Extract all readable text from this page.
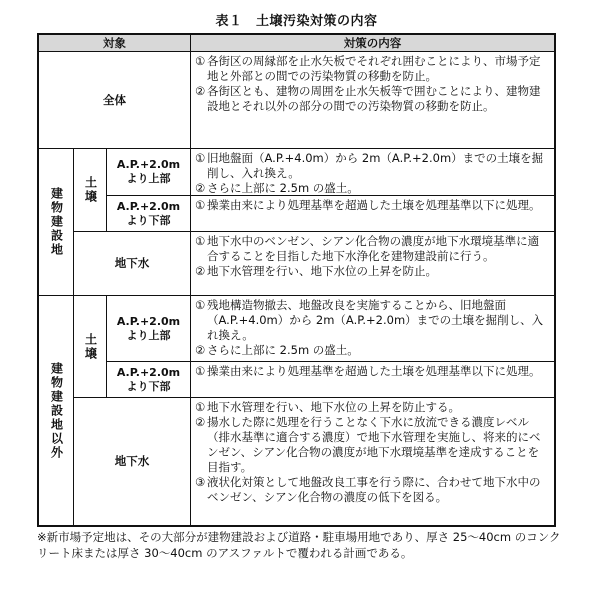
表１　土壌汚染対策の内容
対象	対策の内容
全体
① 各街区の周縁部を止水矢板でそれぞれ囲むことにより、市場予定地と外部との間での汚染物質の移動を防止。
② 各街区とも、建物の周囲を止水矢板等で囲むことにより、建物建設地とそれ以外の部分の間での汚染物質の移動を防止。
建物建設地 土壌
A.P.+2.0m
より上部
① 旧地盤面（A.P.+4.0m）から 2m（A.P.+2.0m）までの土壌を掘削し、入れ換え。
② さらに上部に 2.5m の盛土。
A.P.+2.0m
より下部
① 操業由来により処理基準を超過した土壌を処理基準以下に処理。
地下水
① 地下水中のベンゼン、シアン化合物の濃度が地下水環境基準に適合することを目指した地下水浄化を建物建設前に行う。
② 地下水管理を行い、地下水位の上昇を防止。
建物建設地以外
土壌
A.P.+2.0m
より上部
① 残地構造物撤去、地盤改良を実施することから、旧地盤面（A.P.+4.0m）から 2m（A.P.+2.0m）までの土壌を掘削し、入れ換え。
② さらに上部に 2.5m の盛土。
A.P.+2.0m
より下部
① 操業由来により処理基準を超過した土壌を処理基準以下に処理。
地下水
① 地下水管理を行い、地下水位の上昇を防止する。
② 揚水した際に処理を行うことなく下水に放流できる濃度レベル（排水基準に適合する濃度）で地下水管理を実施し、将来的にベンゼン、シアン化合物の濃度が地下水環境基準を達成することを目指す。
③ 液状化対策として地盤改良工事を行う際に、合わせて地下水中のベンゼン、シアン化合物の濃度の低下を図る。
※新市場予定地は、その大部分が建物建設および道路・駐車場用地であり、厚さ 25～40cm のコンクリート床または厚さ 30～40cm のアスファルトで覆われる計画である。
